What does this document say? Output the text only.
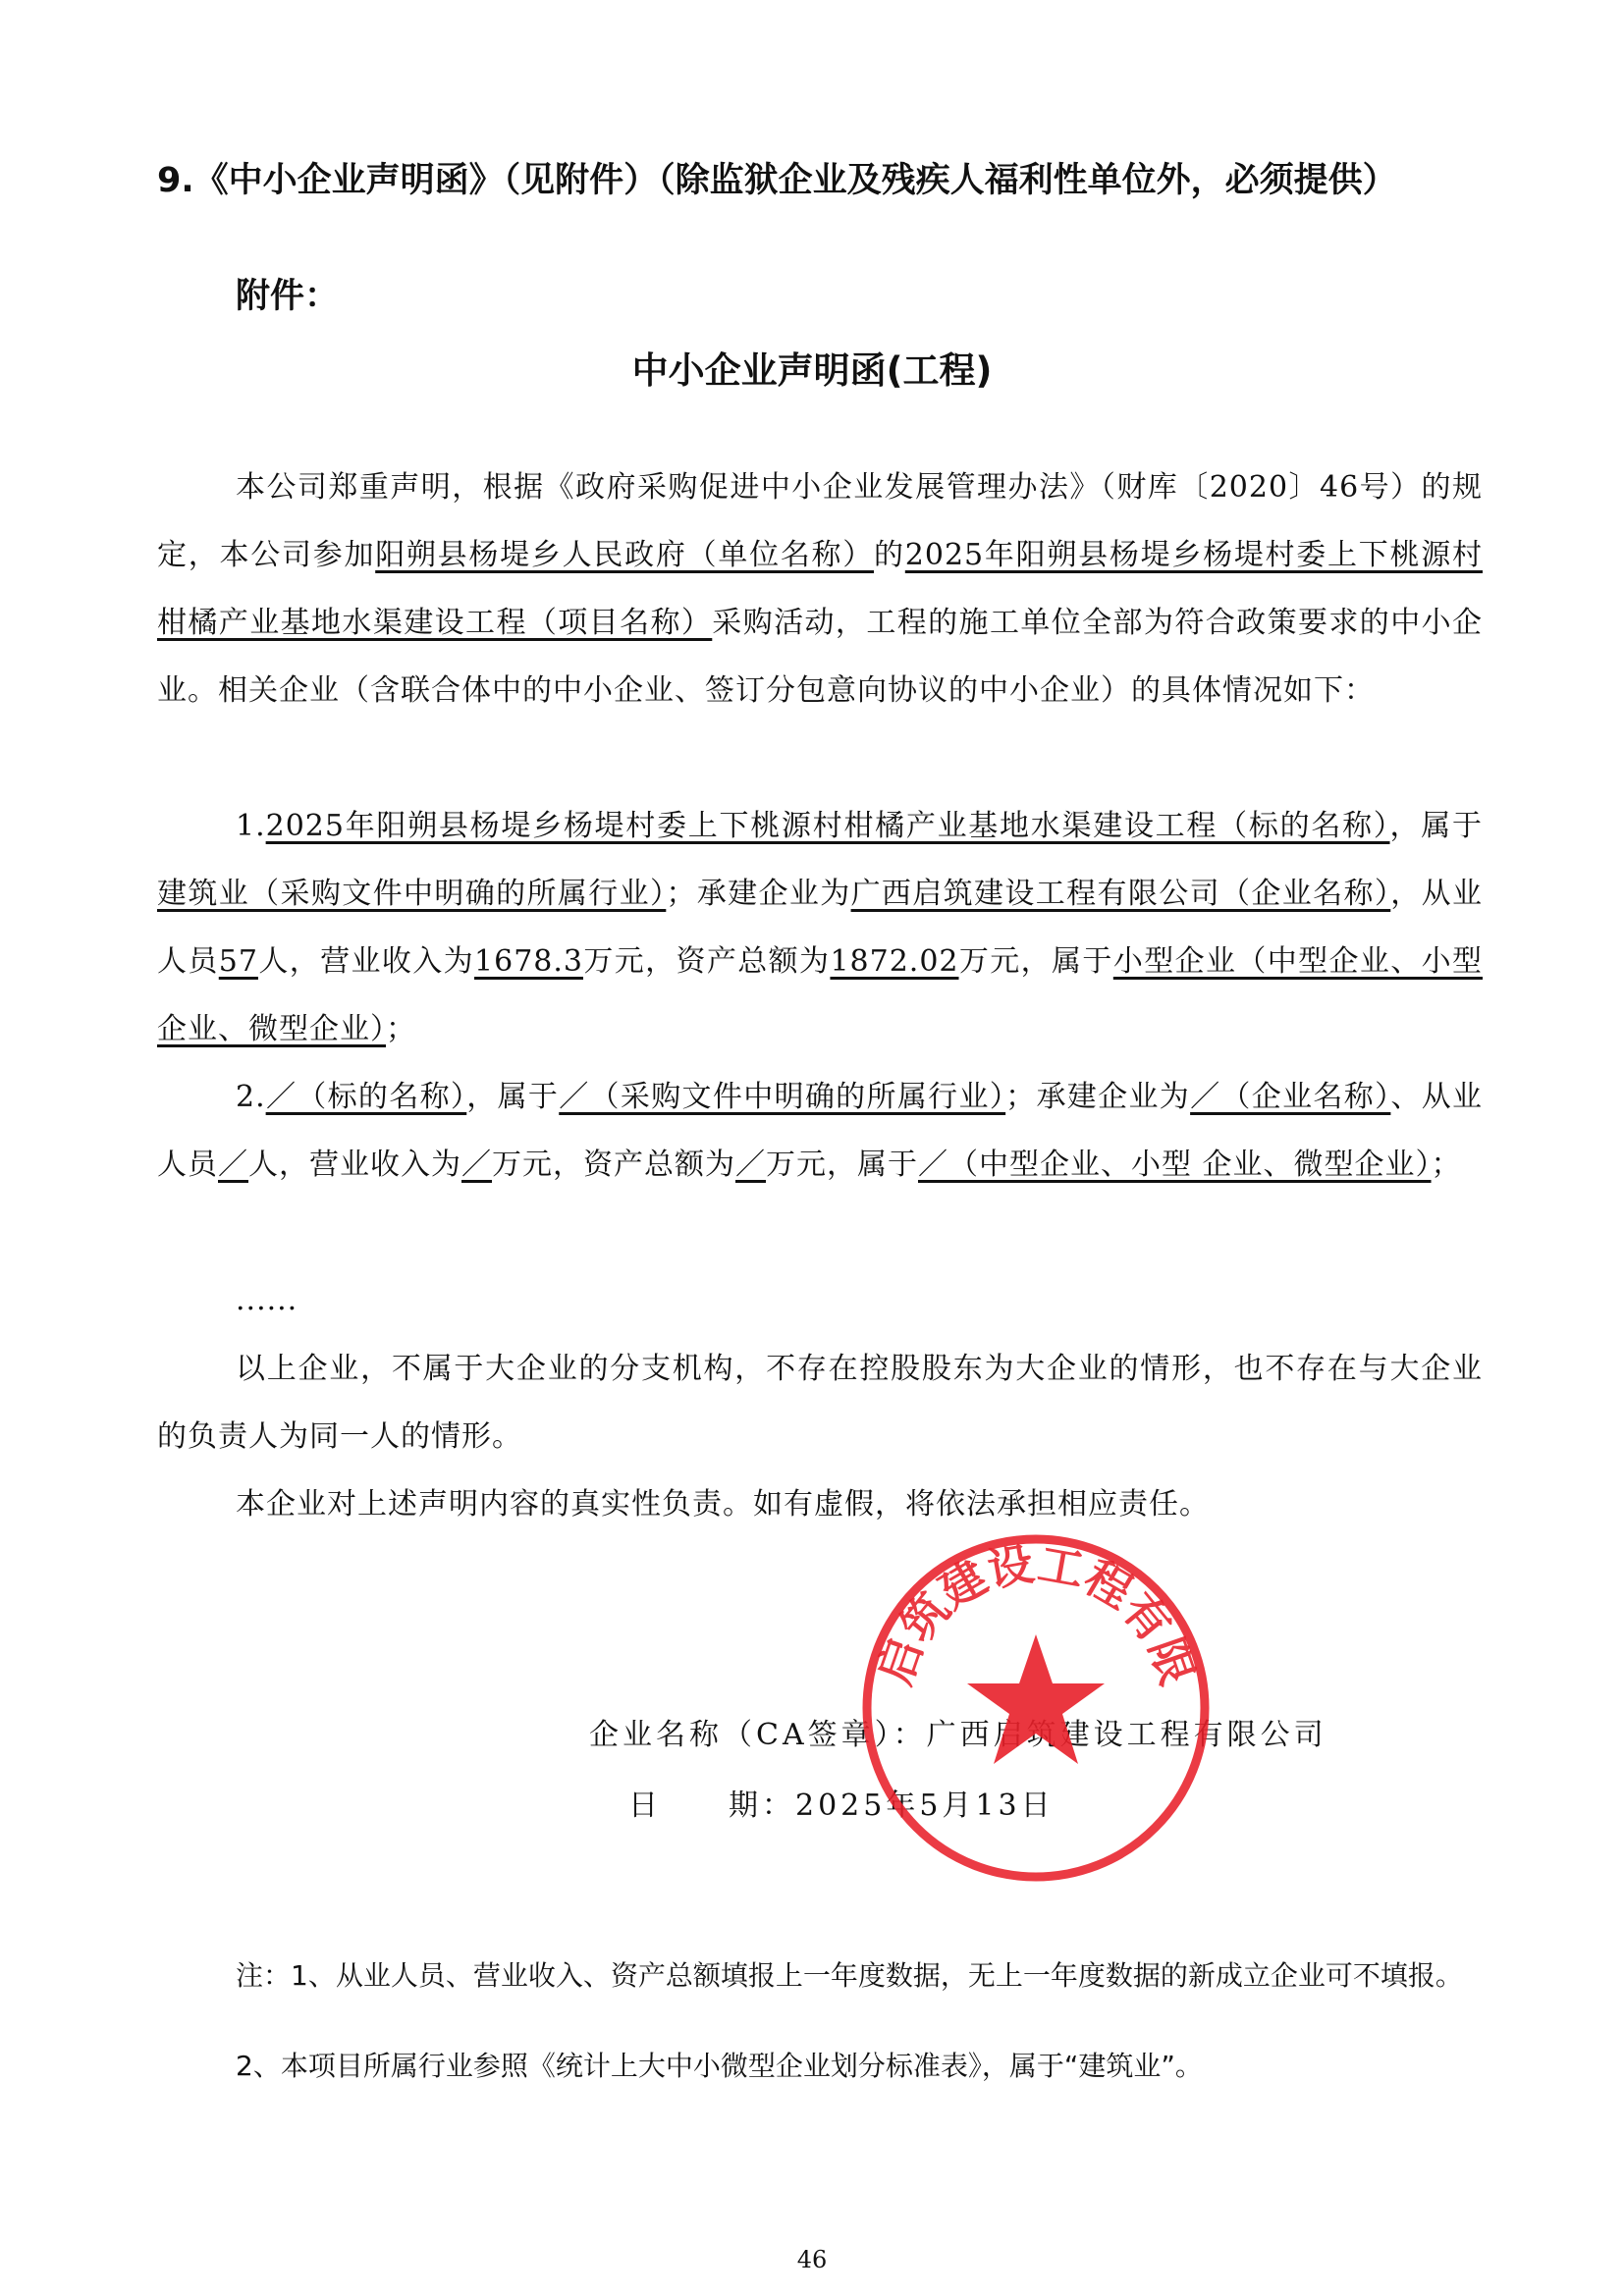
9.《中小企业声明函》（见附件）（除监狱企业及残疾人福利性单位外，必须提供）
附件：
中小企业声明函(工程)

本公司郑重声明，根据《政府采购促进中小企业发展管理办法》（财库〔2020〕46号）的规定，本公司参加阳朔县杨堤乡人民政府（单位名称）的2025年阳朔县杨堤乡杨堤村委上下桃源村柑橘产业基地水渠建设工程（项目名称）采购活动，工程的施工单位全部为符合政策要求的中小企业。相关企业（含联合体中的中小企业、签订分包意向协议的中小企业）的具体情况如下：

1.2025年阳朔县杨堤乡杨堤村委上下桃源村柑橘产业基地水渠建设工程（标的名称），属于建筑业（采购文件中明确的所属行业）；承建企业为广西启筑建设工程有限公司（企业名称），从业人员57人，营业收入为1678.3万元，资产总额为1872.02万元，属于小型企业（中型企业、小型企业、微型企业）；

2.／（标的名称），属于／（采购文件中明确的所属行业）；承建企业为／（企业名称）、从业人员／人，营业收入为／万元，资产总额为／万元，属于／（中型企业、小型 企业、微型企业）；

......

以上企业，不属于大企业的分支机构，不存在控股股东为大企业的情形，也不存在与大企业的负责人为同一人的情形。

本企业对上述声明内容的真实性负责。如有虚假，将依法承担相应责任。

企业名称（CA签章）：广西启筑建设工程有限公司
日　　期：2025年5月13日
启筑建设工程有限
注：1、从业人员、营业收入、资产总额填报上一年度数据，无上一年度数据的新成立企业可不填报。
2、本项目所属行业参照《统计上大中小微型企业划分标准表》，属于“建筑业”。
46
